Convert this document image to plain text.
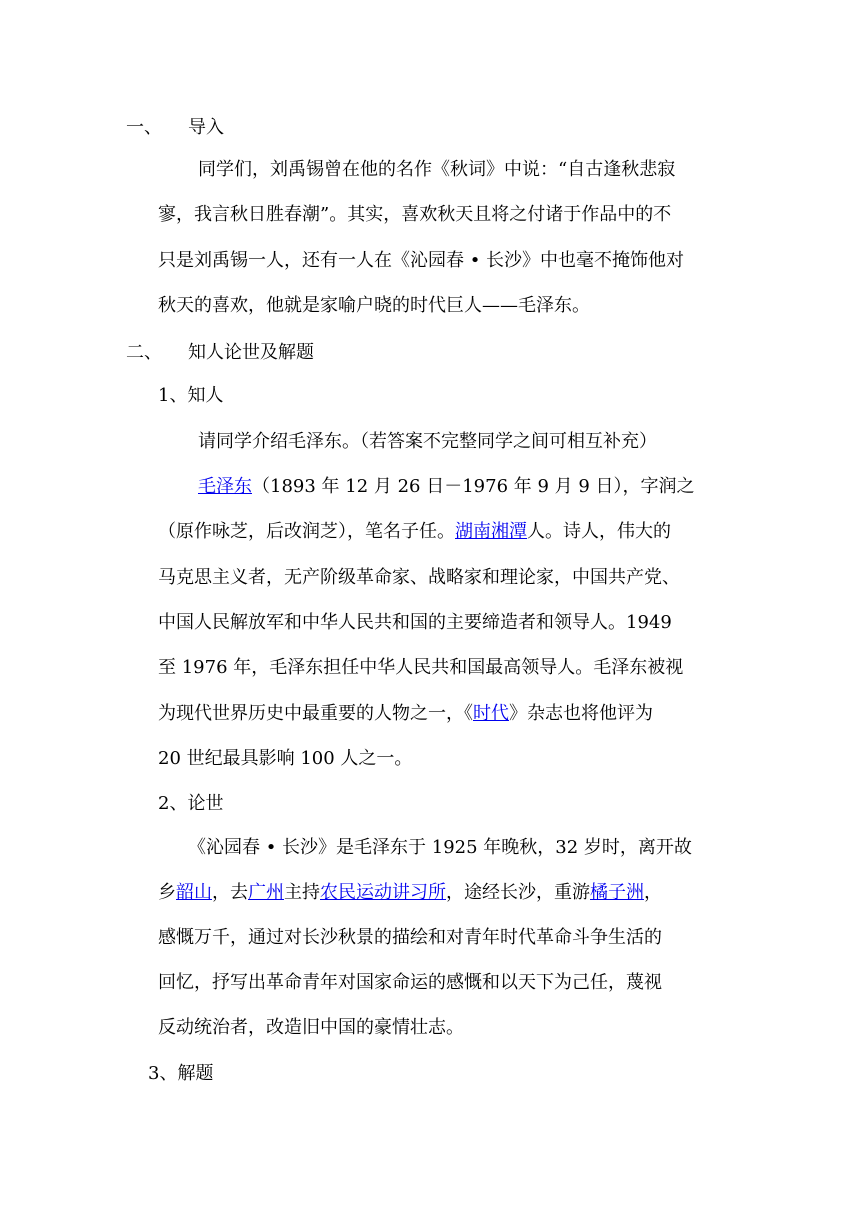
一、 导入
同学们，刘禹锡曾在他的名作《秋词》中说：“自古逢秋悲寂
寥，我言秋日胜春潮”。其实，喜欢秋天且将之付诸于作品中的不
只是刘禹锡一人，还有一人在《沁园春 • 长沙》中也毫不掩饰他对
秋天的喜欢，他就是家喻户晓的时代巨人——毛泽东。
二、 知人论世及解题
1、知人
请同学介绍毛泽东。（若答案不完整同学之间可相互补充）
毛泽东（1893 年 12 月 26 日－1976 年 9 月 9 日），字润之
（原作咏芝，后改润芝），笔名子任。湖南湘潭人。诗人，伟大的
马克思主义者，无产阶级革命家、战略家和理论家，中国共产党、
中国人民解放军和中华人民共和国的主要缔造者和领导人。1949
至 1976 年，毛泽东担任中华人民共和国最高领导人。毛泽东被视
为现代世界历史中最重要的人物之一，《时代》杂志也将他评为
20 世纪最具影响 100 人之一。
2、论世
《沁园春 • 长沙》是毛泽东于 1925 年晚秋，32 岁时，离开故
乡韶山，去广州主持农民运动讲习所，途经长沙，重游橘子洲，
感慨万千，通过对长沙秋景的描绘和对青年时代革命斗争生活的
回忆，抒写出革命青年对国家命运的感慨和以天下为己任，蔑视
反动统治者，改造旧中国的豪情壮志。
3、解题
